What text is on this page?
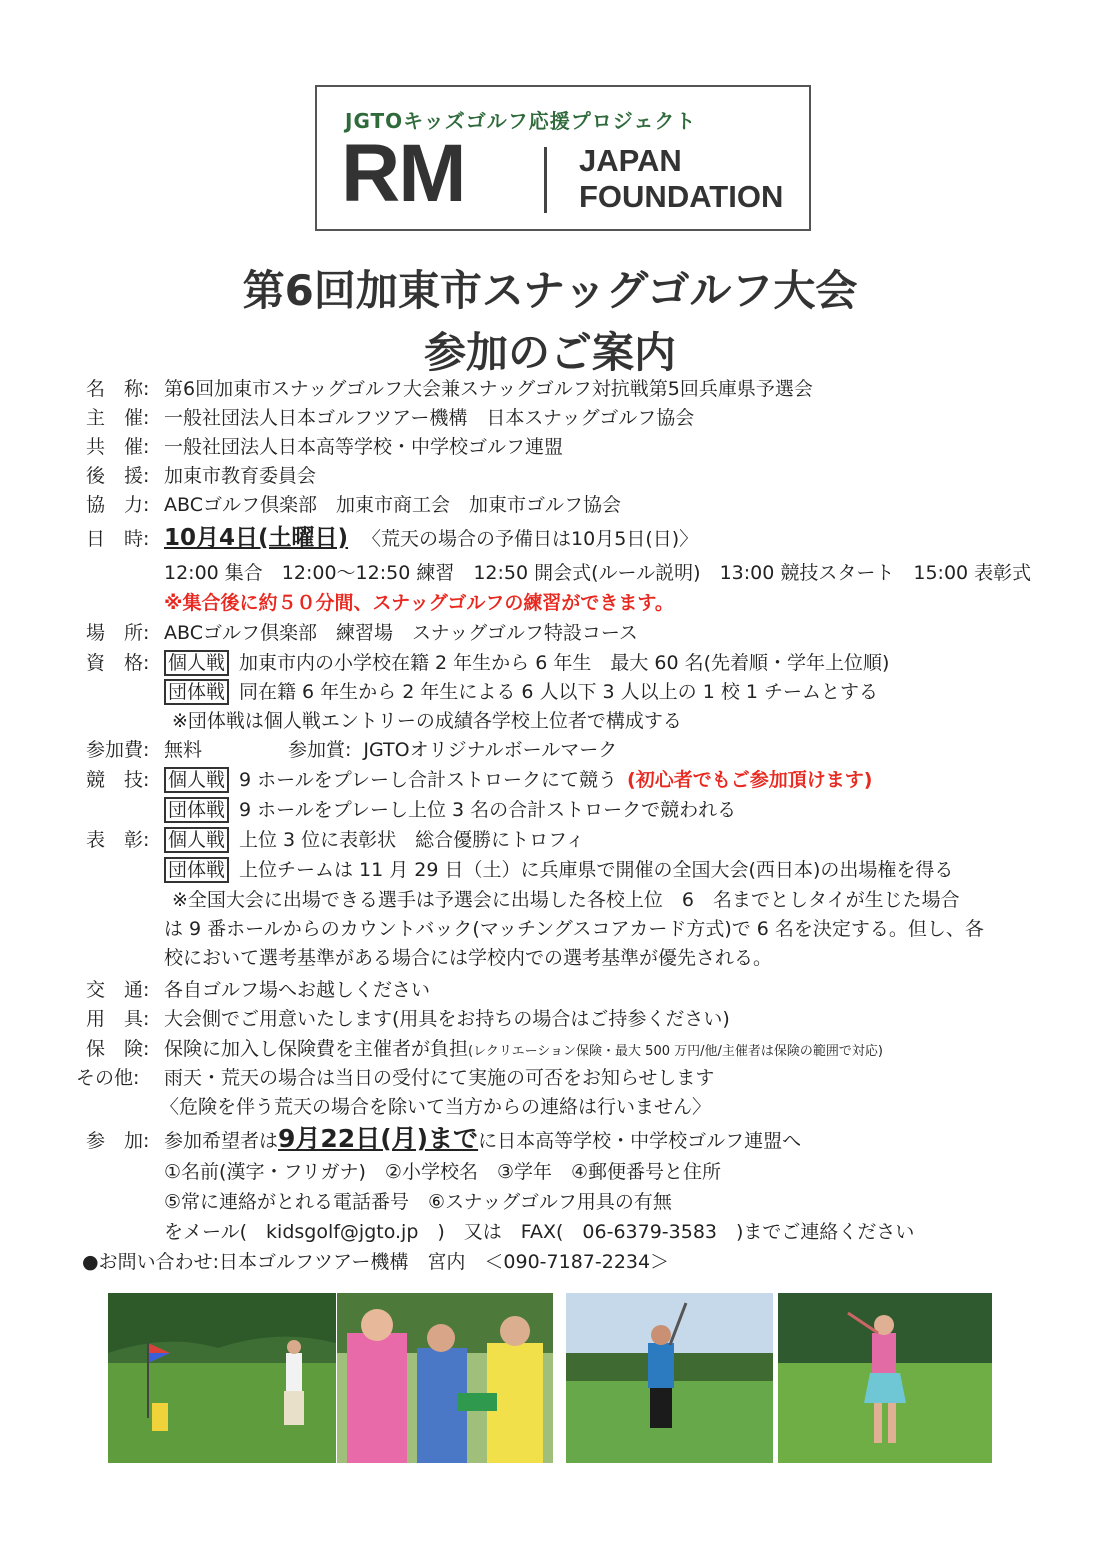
JGTOキッズゴルフ応援プロジェクト
RM	JAPAN
FOUNDATION
第6回加東市スナッグゴルフ大会
参加のご案内
名　称: 第6回加東市スナッグゴルフ大会兼スナッグゴルフ対抗戦第5回兵庫県予選会
主　催: 一般社団法人日本ゴルフツアー機構　日本スナッグゴルフ協会
共　催: 一般社団法人日本高等学校・中学校ゴルフ連盟
後　援: 加東市教育委員会
協　力: ABCゴルフ倶楽部　加東市商工会　加東市ゴルフ協会
日　時: 10月4日(土曜日) 〈荒天の場合の予備日は10月5日(日)〉
12:00 集合　12:00〜12:50 練習　12:50 開会式(ルール説明)　13:00 競技スタート　15:00 表彰式
※集合後に約５０分間、スナッグゴルフの練習ができます。
場　所: ABCゴルフ倶楽部　練習場　スナッグゴルフ特設コース
資　格: 個人戦 加東市内の小学校在籍 2 年生から 6 年生　最大 60 名(先着順・学年上位順)
団体戦 同在籍 6 年生から 2 年生による 6 人以下 3 人以上の 1 校 1 チームとする
※団体戦は個人戦エントリーの成績各学校上位者で構成する
参加費: 無料	参加賞: JGTOオリジナルボールマーク
競　技: 個人戦 9 ホールをプレーし合計ストロークにて競う (初心者でもご参加頂けます)
団体戦 9 ホールをプレーし上位 3 名の合計ストロークで競われる
表　彰: 個人戦 上位 3 位に表彰状　総合優勝にトロフィ
団体戦 上位チームは 11 月 29 日（土）に兵庫県で開催の全国大会(西日本)の出場権を得る
※全国大会に出場できる選手は予選会に出場した各校上位　6　名までとしタイが生じた場合
は 9 番ホールからのカウントバック(マッチングスコアカード方式)で 6 名を決定する。但し、各
校において選考基準がある場合には学校内での選考基準が優先される。
交　通: 各自ゴルフ場へお越しください
用　具: 大会側でご用意いたします(用具をお持ちの場合はご持参ください)
保　険: 保険に加入し保険費を主催者が負担(レクリエーション保険・最大 500 万円/他/主催者は保険の範囲で対応)
その他: 雨天・荒天の場合は当日の受付にて実施の可否をお知らせします
〈危険を伴う荒天の場合を除いて当方からの連絡は行いません〉
参　加: 参加希望者は9月22日(月)までに日本高等学校・中学校ゴルフ連盟へ
①名前(漢字・フリガナ)　②小学校名　③学年　④郵便番号と住所
⑤常に連絡がとれる電話番号　⑥スナッグゴルフ用具の有無
をメール(　kidsgolf@jgto.jp　)　又は　FAX(　06-6379-3583　)までご連絡ください
●お問い合わせ:日本ゴルフツアー機構　宮内　＜090-7187-2234＞
